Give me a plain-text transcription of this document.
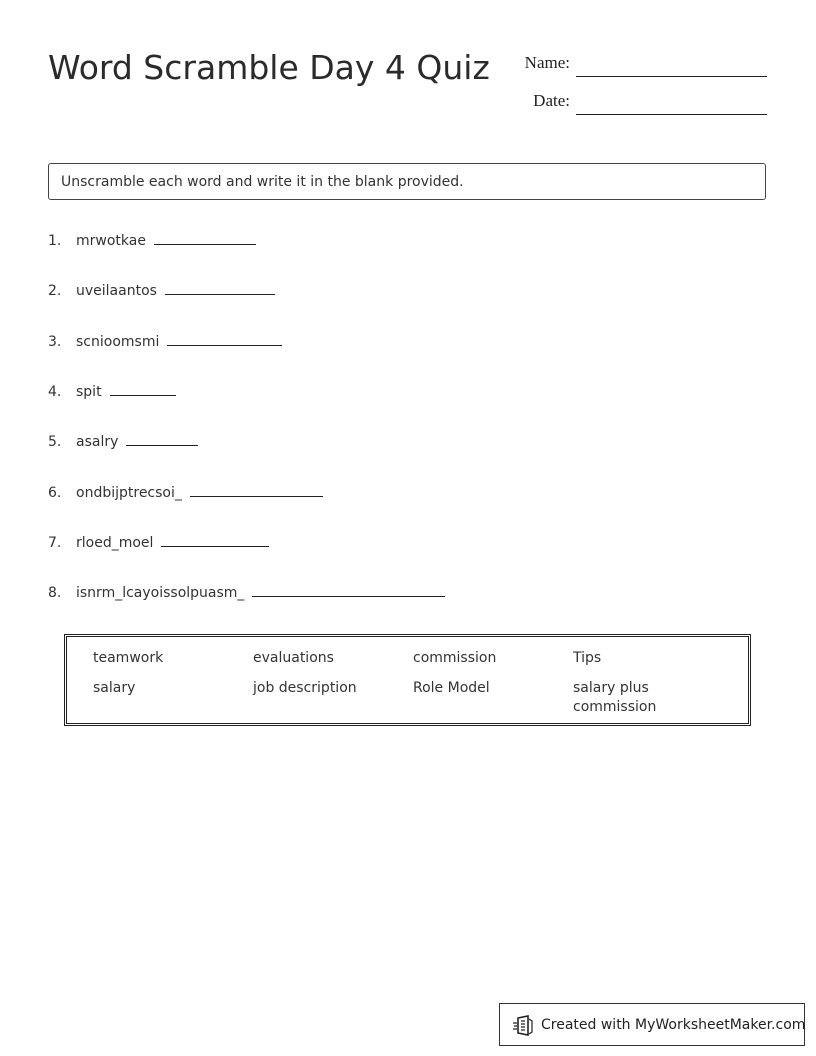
Word Scramble Day 4 Quiz	Name:
Date:
Unscramble each word and write it in the blank provided.
1. mrwotkae
2. uveilaantos
3. scnioomsmi
4. spit
5. asalry
6. ondbijptrecsoi_
7. rloed_moel
8. isnrm_lcayoissolpuasm_
teamwork	evaluations	commission	Tips
salary	job description	Role Model	salary plus commission
Created with MyWorksheetMaker.com
